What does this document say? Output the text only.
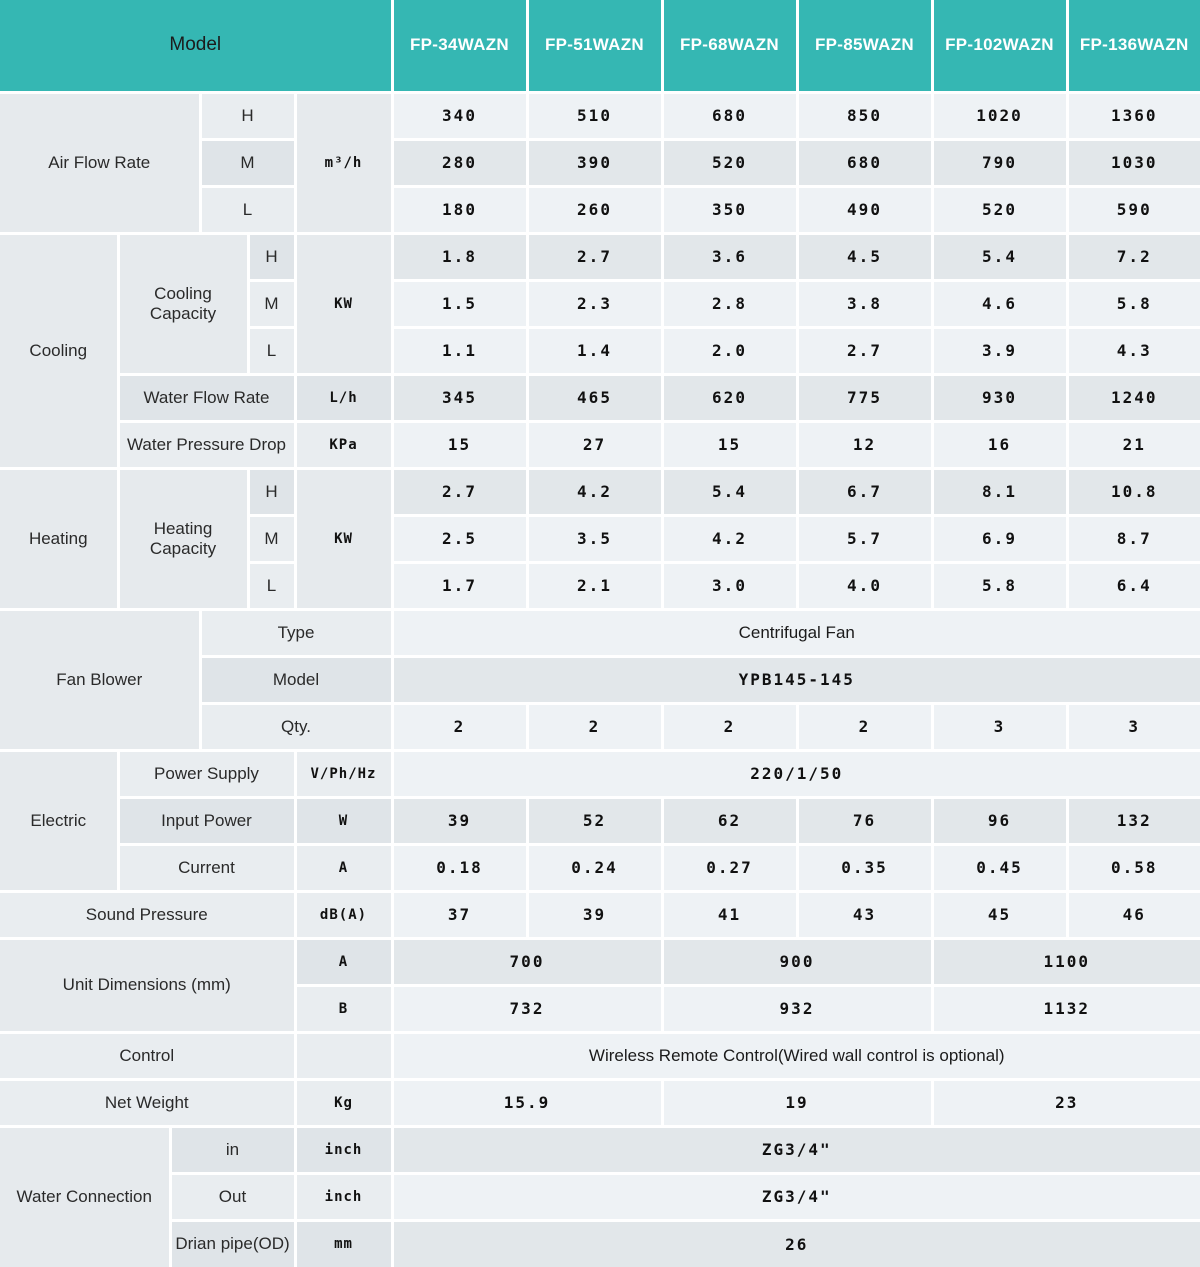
Model						FP-34WAZN	FP-51WAZN	FP-68WAZN	FP-85WAZN	FP-102WAZN	FP-136WAZN
Air Flow Rate			H		m³/h	340	510	680	850	1020	1360
			M			280	390	520	680	790	1030
			L			180	260	350	490	520	590
Cooling	Cooling Capacity			H	KW	1.8	2.7	3.6	4.5	5.4	7.2
				M		1.5	2.3	2.8	3.8	4.6	5.8
				L		1.1	1.4	2.0	2.7	3.9	4.3
	Water Flow Rate				L/h	345	465	620	775	930	1240
	Water Pressure Drop				KPa	15	27	15	12	16	21
Heating	Heating Capacity			H	KW	2.7	4.2	5.4	6.7	8.1	10.8
				M		2.5	3.5	4.2	5.7	6.9	8.7
				L		1.7	2.1	3.0	4.0	5.8	6.4
Fan Blower			Type			Centrifugal Fan					
			Model			YPB145-145					
			Qty.			2	2	2	2	3	3
Electric	Power Supply				V/Ph/Hz	220/1/50					
	Input Power				W	39	52	62	76	96	132
	Current				A	0.18	0.24	0.27	0.35	0.45	0.58
Sound Pressure					dB(A)	37	39	41	43	45	46
Unit Dimensions (mm)					A	700		900		1100	
					B	732		932		1132	
Control						Wireless Remote Control(Wired wall control is optional)					
Net Weight					Kg	15.9		19		23	
Water Connection		in			inch	ZG3/4"					
		Out			inch	ZG3/4"					
		Drian pipe(OD)			mm	26					
